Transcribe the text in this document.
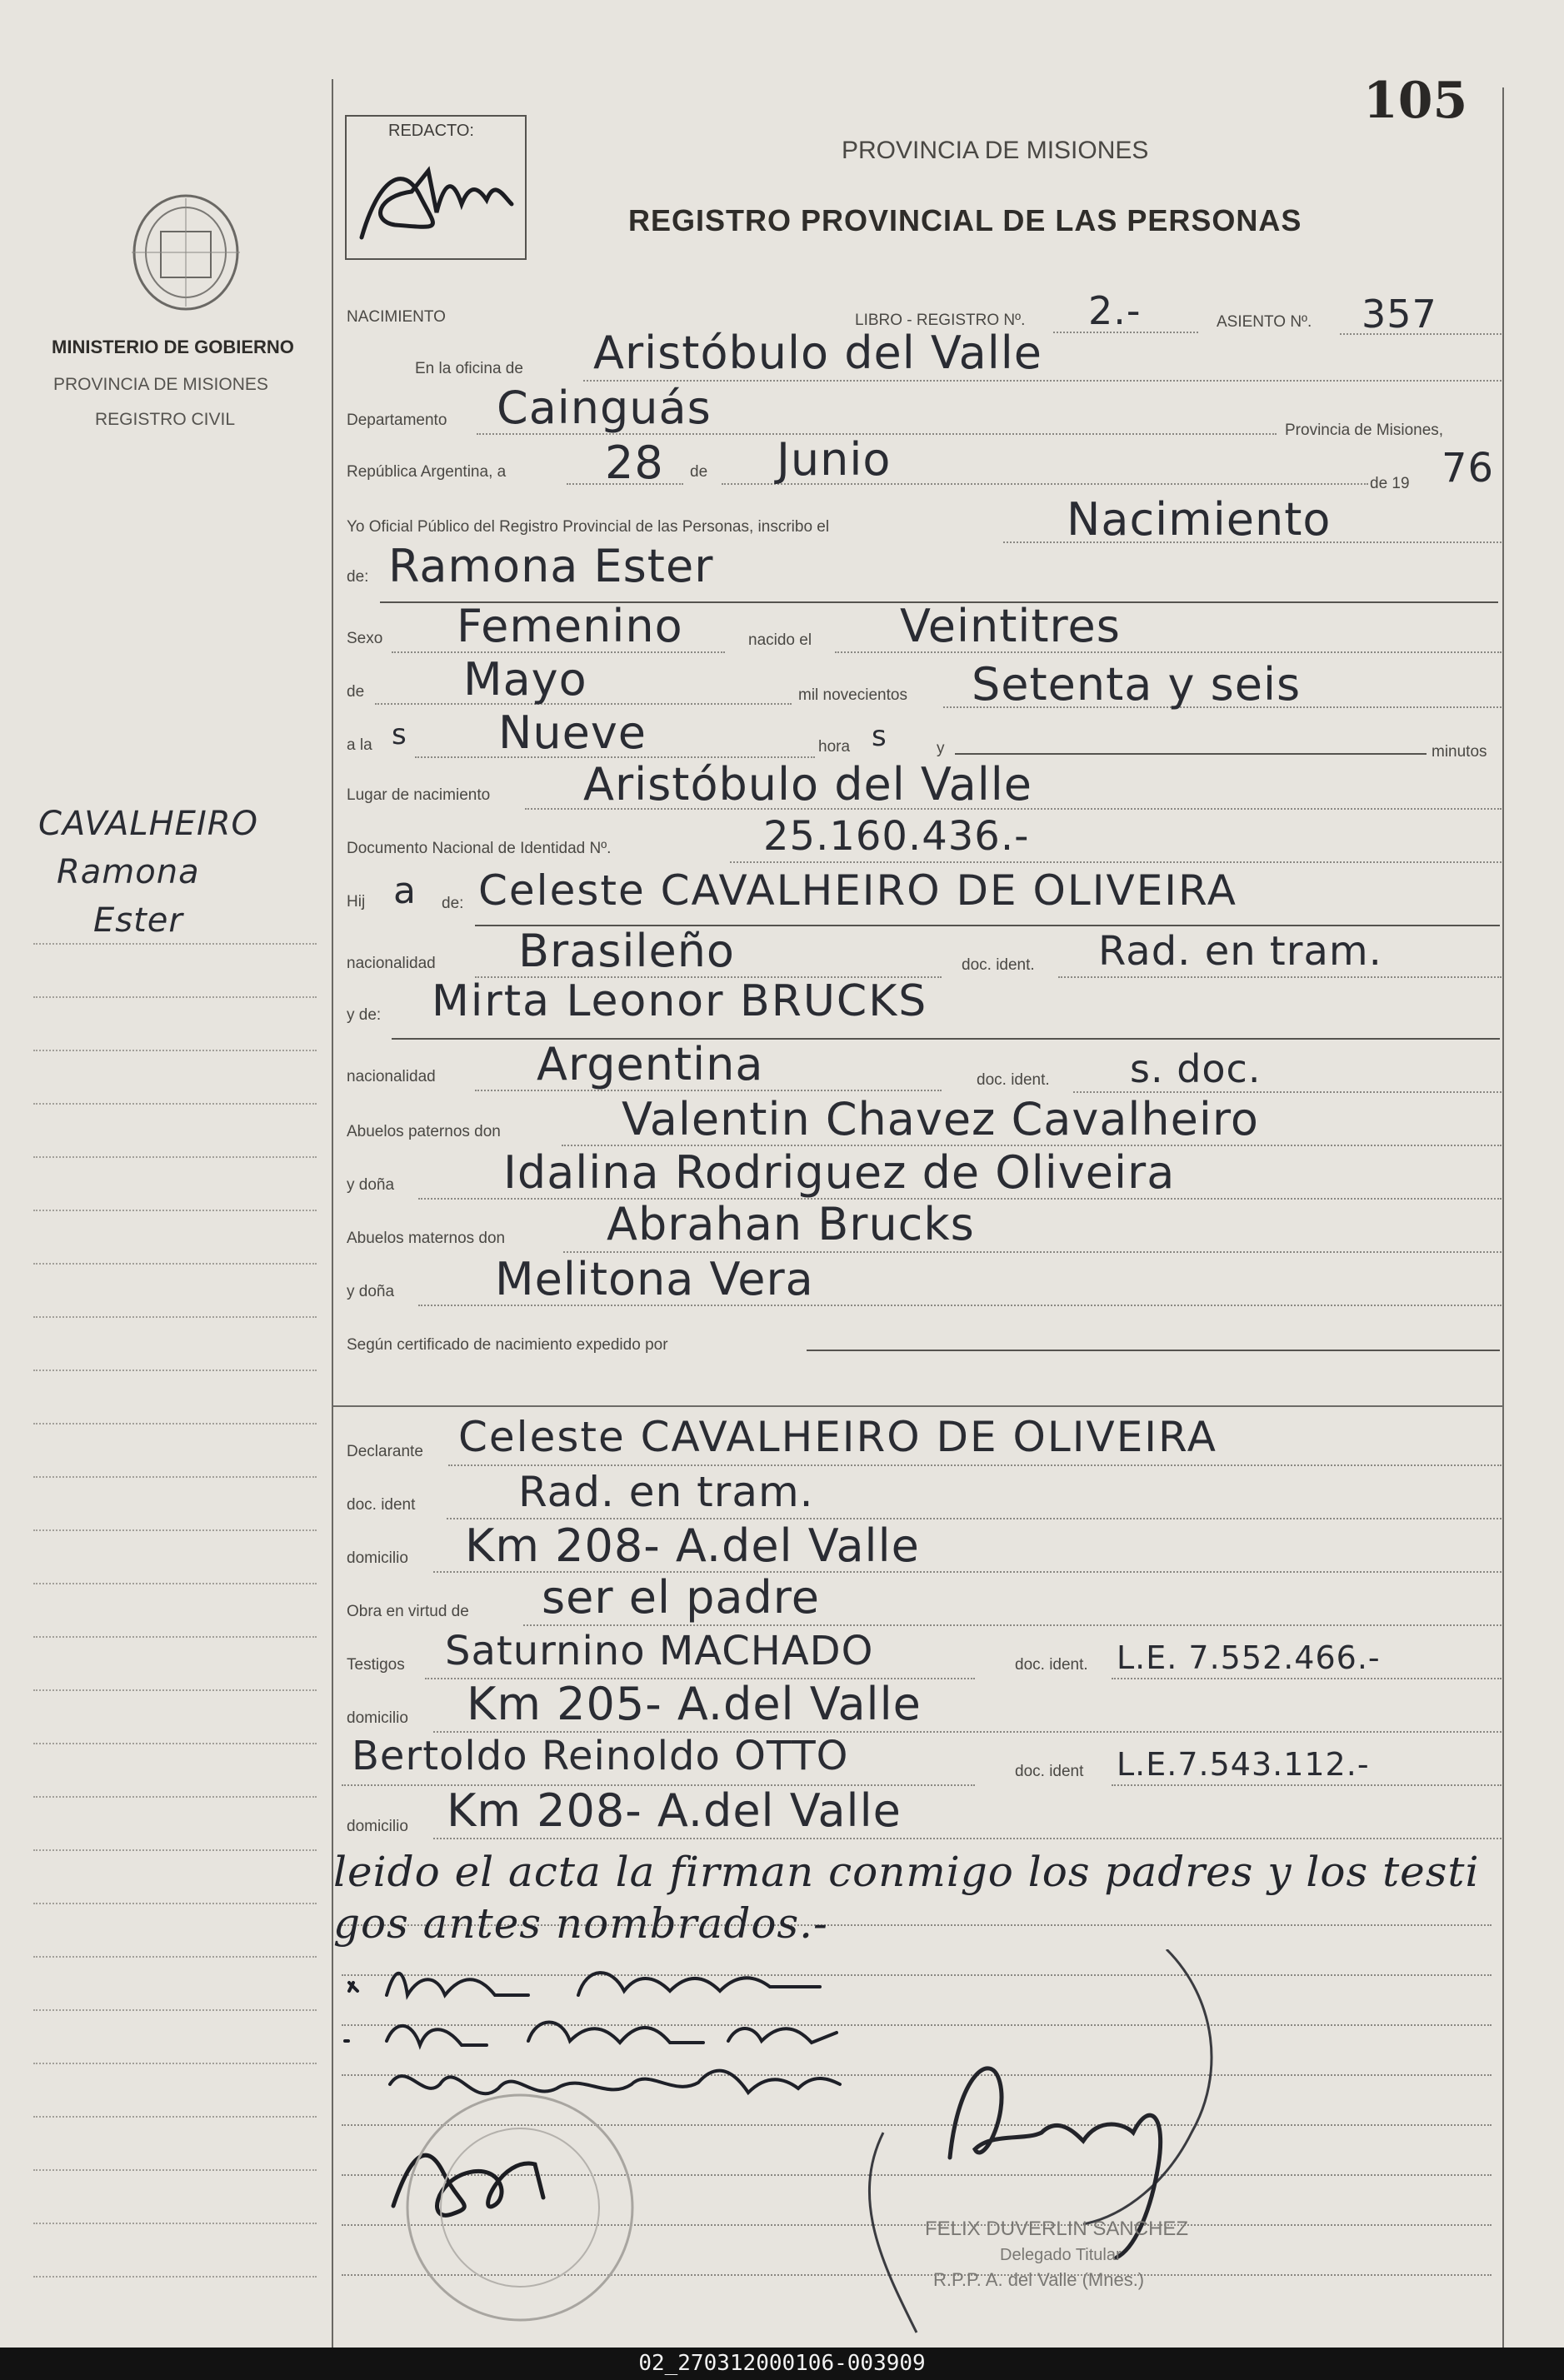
105
REDACTO:
PROVINCIA DE MISIONES
REGISTRO PROVINCIAL DE LAS PERSONAS
MINISTERIO DE GOBIERNO
PROVINCIA DE MISIONES
REGISTRO CIVIL
CAVALHEIRO
Ramona
Ester
NACIMIENTO	LIBRO - REGISTRO Nº. 2.-	ASIENTO Nº. 357
En la oficina de Aristóbulo del Valle
Departamento Cainguás	Provincia de Misiones,
República Argentina, a 28 de Junio	de 19 76
Yo Oficial Público del Registro Provincial de las Personas, inscribo el	Nacimiento
de: Ramona Ester
Sexo Femenino	nacido el Veintitres
de Mayo	mil novecientos Setenta y seis
a la s Nueve	hora s	y	minutos
Lugar de nacimiento Aristóbulo del Valle
Documento Nacional de Identidad Nº.	25.160.436.-
Hij a de: Celeste CAVALHEIRO DE OLIVEIRA
nacionalidad Brasileño	doc. ident. Rad. en tram.
y de: Mirta Leonor BRUCKS
nacionalidad Argentina	doc. ident. s. doc.
Abuelos paternos don	Valentin Chavez Cavalheiro
y doña Idalina Rodriguez de Oliveira
Abuelos maternos don Abrahan Brucks
y doña Melitona Vera
Según certificado de nacimiento expedido por
Declarante Celeste CAVALHEIRO DE OLIVEIRA
doc. ident Rad. en tram.
domicilio Km 208- A.del Valle
Obra en virtud de ser el padre
Testigos Saturnino MACHADO	doc. ident. L.E. 7.552.466.-
domicilio Km 205- A.del Valle
Bertoldo Reinoldo OTTO	doc. ident L.E.7.543.112.-
domicilio Km 208- A.del Valle
leido el acta la firman conmigo los padres y los testi
gos antes nombrados.-
FELIX DUVERLIN SANCHEZ
Delegado Titular
R.P.P. A. del Valle (Mnes.)
02_270312000106-003909
